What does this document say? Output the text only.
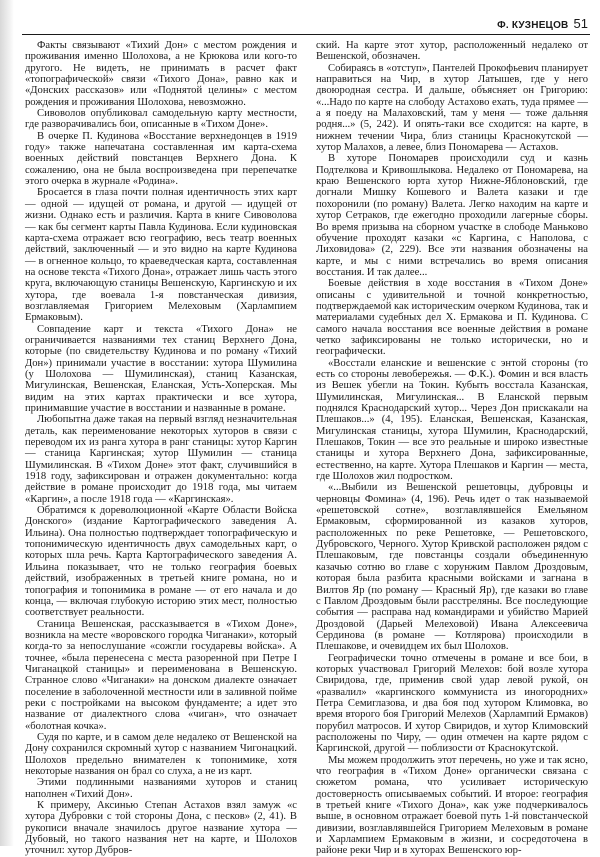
Ф. КУЗНЕЦОВ 51

Факты связывают «Тихий Дон» с местом рождения и проживания именно Шолохова, а не Крюкова или кого-то другого. Не видеть, не принимать в расчет факт «топографической» связи «Тихого Дона», равно как и «Донских рассказов» или «Поднятой целины» с местом рождения и проживания Шолохова, невозможно.

Сивоволов опубликовал самодельную карту местности, где разворачивались бои, описанные в «Тихом Доне».

В очерке П. Кудинова «Восстание верхнедонцев в 1919 году» также напечатана составленная им карта-схема военных действий повстанцев Верхнего Дона. К сожалению, она не была воспроизведена при перепечатке этого очерка в журнале «Родина».

Бросается в глаза почти полная идентичность этих карт — одной — идущей от романа, и другой — идущей от жизни. Однако есть и различия. Карта в книге Сивоволова — как бы сегмент карты Павла Кудинова. Если кудиновская карта-схема отражает всю географию, весь театр военных действий, заключенный — и это видно на карте Кудинова — в огненное кольцо, то краеведческая карта, составленная на основе текста «Тихого Дона», отражает лишь часть этого круга, включающую станицы Вешенскую, Каргинскую и их хутора, где воевала 1-я повстанческая дивизия, возглавляемая Григорием Мелеховым (Харлампием Ермаковым).

Совпадение карт и текста «Тихого Дона» не ограничивается названиями тех станиц Верхнего Дона, которые (по свидетельству Кудинова и по роману «Тихий Дон») принимали участие в восстании: хутора Шумилина (у Шолохова — Шумилинская), станиц Казанская, Мигулинская, Вешенская, Еланская, Усть-Хоперская. Мы видим на этих картах практически и все хутора, принимавшие участие в восстании и названные в романе.

Любопытна даже такая на первый взгляд незначительная деталь, как переименование некоторых хуторов в связи с переводом их из ранга хутора в ранг станицы: хутор Каргин — станица Каргинская; хутор Шумилин — станица Шумилинская. В «Тихом Доне» этот факт, случившийся в 1918 году, зафиксирован и отражен документально: когда действие в романе происходит до 1918 года, мы читаем «Каргин», а после 1918 года — «Каргинская».

Обратимся к дореволюционной «Карте Области Войска Донского» (издание Картографического заведения А. Ильина). Она полностью подтверждает топографическую и топонимическую идентичность двух самодельных карт, о которых шла речь. Карта Картографического заведения А. Ильина показывает, что не только география боевых действий, изображенных в третьей книге романа, но и топография и топонимика в романе — от его начала и до конца, — включая глубокую историю этих мест, полностью соответствует реальности.

Станица Вешенская, рассказывается в «Тихом Доне», возникла на месте «воровского городка Чиганаки», который когда-то за непослушание «сожгли государевы войска». А точнее, «была перенесена с места разоренной при Петре I Чиганацкой станицы» и переименована в Вешенскую. Странное слово «Чиганаки» на донском диалекте означает поселение в заболоченной местности или в заливной пойме реки с постройками на высоком фундаменте; а идет это название от диалектного слова «чиган», что означает «болотная кочка».

Судя по карте, и в самом деле недалеко от Вешенской на Дону сохранился скромный хутор с названием Чигонацкий. Шолохов предельно внимателен к топонимике, хотя некоторые названия он брал со слуха, а не из карт.

Этими подлинными названиями хуторов и станиц наполнен «Тихий Дон».

К примеру, Аксинью Степан Астахов взял замуж «с хутора Дубровки с той стороны Дона, с песков» (2, 41). В рукописи вначале значилось другое название хутора — Дубовый, но такого названия нет на карте, и Шолохов уточнил: хутор Дубров-

ский. На карте этот хутор, расположенный недалеко от Вешенской, обозначен.

Собираясь в «отступ», Пантелей Прокофьевич планирует направиться на Чир, в хутор Латышев, где у него двоюродная сестра. И дальше, объясняет он Григорию: «...Надо по карте на слободу Астахово ехать, туда прямее — а я поеду на Малаховский, там у меня — тоже дальняя родня...» (5, 242). И опять-таки все сходится: на карте, в нижнем течении Чира, близ станицы Краснокутской — хутор Малахов, а левее, близ Пономарева — Астахов.

В хуторе Пономарев происходили суд и казнь Подтелкова и Кривошлыкова. Недалеко от Пономарева, на краю Вешенского юрта хутор Нижне-Яблоновский, где догнали Мишку Кошевого и Валета казаки и где похоронили (по роману) Валета. Легко находим на карте и хутор Сетраков, где ежегодно проходили лагерные сборы. Во время призыва на сборном участке в слободе Маньково обучение проходят казаки «с Каргина, с Наполова, с Лиховидова» (2, 229). Все эти названия обозначены на карте, и мы с ними встречались во время описания восстания. И так далее...

Боевые действия в ходе восстания в «Тихом Доне» описаны с удивительной и точной конкретностью, подтверждаемой как историческим очерком Кудинова, так и материалами судебных дел Х. Ермакова и П. Кудинова. С самого начала восстания все военные действия в романе четко зафиксированы не только исторически, но и географически.

«Восстали еланские и вешенские с энтой стороны (то есть со стороны левобережья. — Ф.К.). Фомин и вся власть из Вешек убегли на Токин. Кубыть восстала Казанская, Шумилинская, Мигулинская... В Еланской первым поднялся Краснодарский хутор... Через Дон прискакали на Плешаков...» (4, 195). Еланская, Вешенская, Казанская, Мигулинская станицы, хутора Шумилин, Краснодарский, Плешаков, Токин — все это реальные и широко известные станицы и хутора Верхнего Дона, зафиксированные, естественно, на карте. Хутора Плешаков и Каргин — места, где Шолохов жил подростком.

«...Выбили из Вешенской решетовцы, дубровцы и черновцы Фомина» (4, 196). Речь идет о так называемой «решетовской сотне», возглавлявшейся Емельяном Ермаковым, сформированной из казаков хуторов, расположенных по реке Решетовке, — Решетовского, Дубровского, Черного. Хутор Кривской расположен рядом с Плешаковым, где повстанцы создали объединенную казачью сотню во главе с хорунжим Павлом Дроздовым, которая была разбита красными войсками и загнана в Вилтов Яр (по роману — Красный Яр), где казаки во главе с Павлом Дроздовым были расстреляны. Все последующие события — расправа над командирами и убийство Марией Дроздовой (Дарьей Мелеховой) Ивана Алексеевича Сердинова (в романе — Котлярова) происходили в Плешакове, и очевидцем их был Шолохов.

Географически точно отмечены в романе и все бои, в которых участвовал Григорий Мелехов: бой возле хутора Свиридова, где, применив свой удар левой рукой, он «развалил» «каргинского коммуниста из иногородних» Петра Семиглазова, и два боя под хутором Климовка, во время второго боя Григорий Мелехов (Харлампий Ермаков) порубил матросов. И хутор Свиридов, и хутор Климовский расположены по Чиру, — один отмечен на карте рядом с Каргинской, другой — поблизости от Краснокутской.

Мы можем продолжить этот перечень, но уже и так ясно, что география в «Тихом Доне» органически связана с сюжетом романа, что усиливает историческую достоверность описываемых событий. И второе: география в третьей книге «Тихого Дона», как уже подчеркивалось выше, в основном отражает боевой путь 1-й повстанческой дивизии, возглавлявшейся Григорием Мелеховым в романе и Харлампием Ермаковым в жизни, и сосредоточена в районе реки Чир и в хуторах Вешенского юр-
